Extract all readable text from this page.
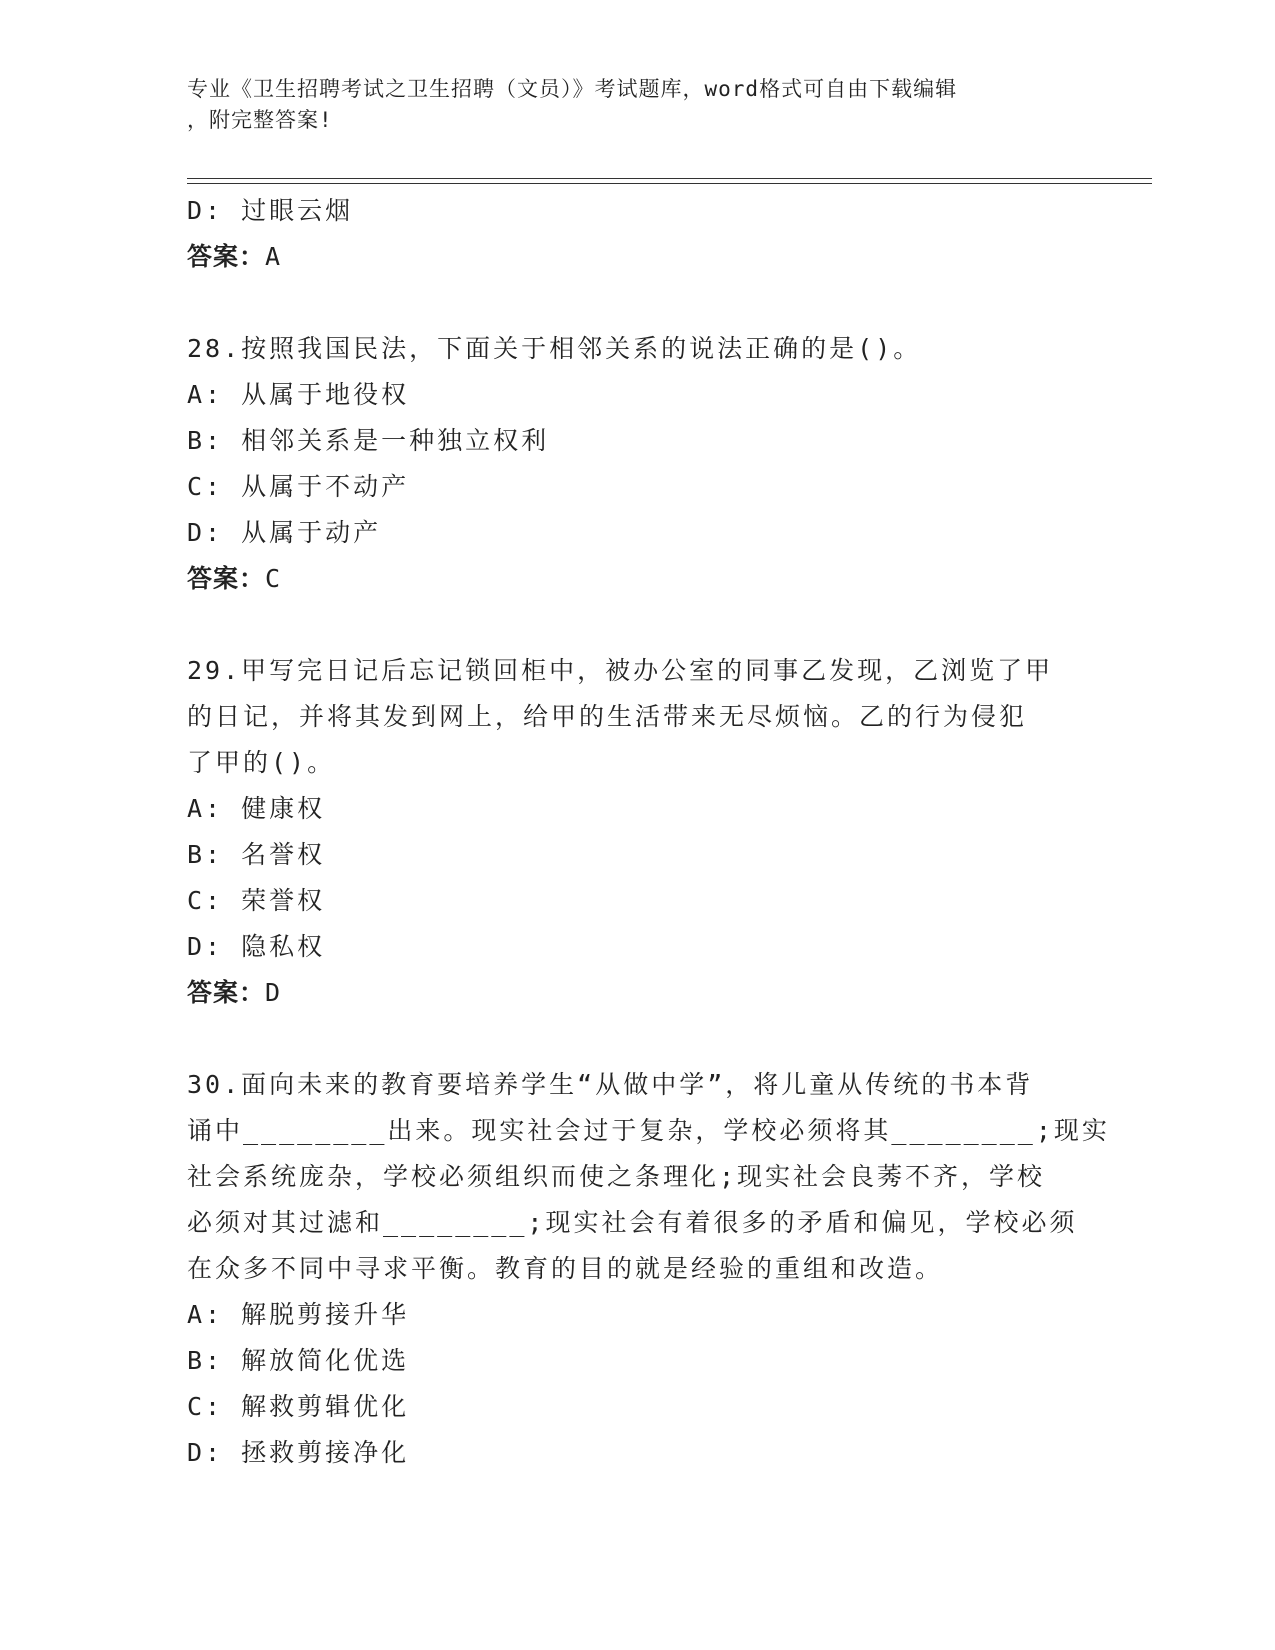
专业《卫生招聘考试之卫生招聘（文员）》考试题库，word格式可自由下载编辑
，附完整答案!
D: 过眼云烟
答案：A
28.按照我国民法，下面关于相邻关系的说法正确的是()。
A: 从属于地役权
B: 相邻关系是一种独立权利
C: 从属于不动产
D: 从属于动产
答案：C
29.甲写完日记后忘记锁回柜中，被办公室的同事乙发现，乙浏览了甲
的日记，并将其发到网上，给甲的生活带来无尽烦恼。乙的行为侵犯
了甲的()。
A: 健康权
B: 名誉权
C: 荣誉权
D: 隐私权
答案：D
30.面向未来的教育要培养学生“从做中学”，将儿童从传统的书本背
诵中________出来。现实社会过于复杂，学校必须将其________;现实
社会系统庞杂，学校必须组织而使之条理化;现实社会良莠不齐，学校
必须对其过滤和________;现实社会有着很多的矛盾和偏见，学校必须
在众多不同中寻求平衡。教育的目的就是经验的重组和改造。
A: 解脱剪接升华
B: 解放简化优选
C: 解救剪辑优化
D: 拯救剪接净化
